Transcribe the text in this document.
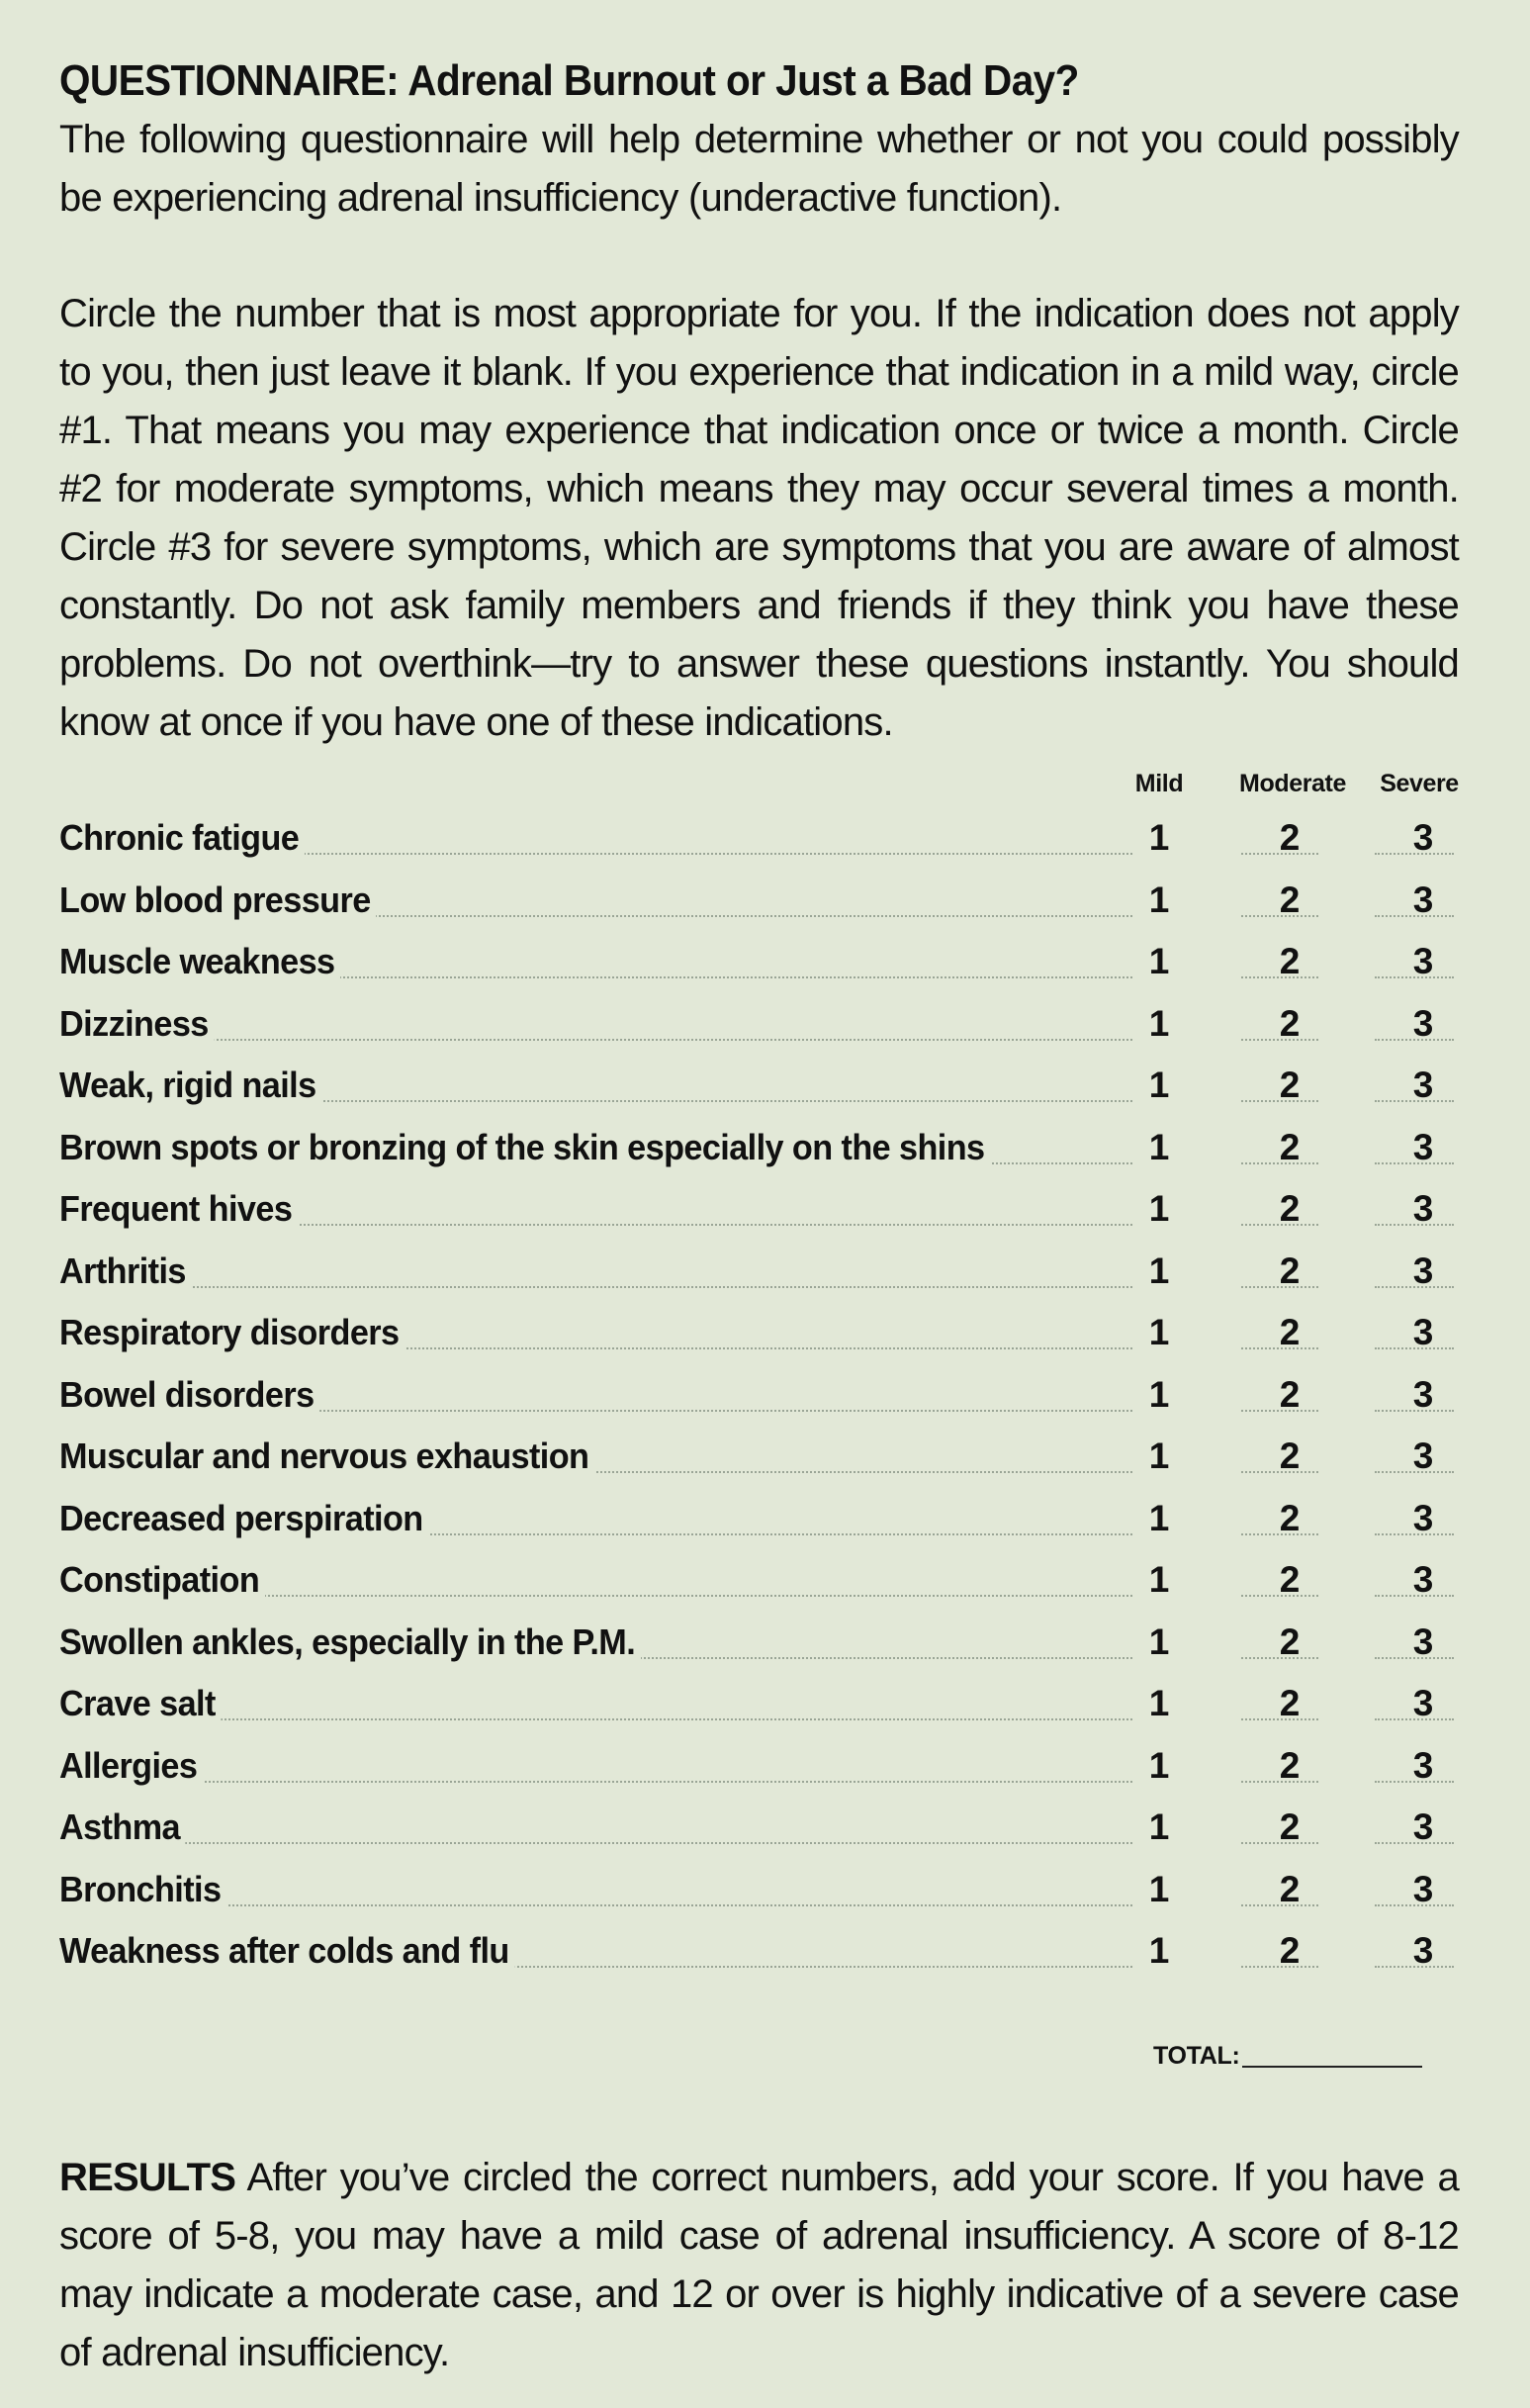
QUESTIONNAIRE: Adrenal Burnout or Just a Bad Day?

The following questionnaire will help determine whether or not you could possibly be experiencing adrenal insufficiency (underactive function).

Circle the number that is most appropriate for you. If the indication does not apply to you, then just leave it blank. If you experience that indication in a mild way, circle #1. That means you may experience that indication once or twice a month. Circle #2 for moderate symptoms, which means they may occur several times a month. Circle #3 for severe symptoms, which are symptoms that you are aware of almost constantly. Do not ask family members and friends if they think you have these problems. Do not overthink—try to answer these questions instantly. You should know at once if you have one of these indications.

Mild Moderate Severe
Chronic fatigue	1	2	3
Low blood pressure	1	2	3
Muscle weakness	1	2	3
Dizziness	1	2	3
Weak, rigid nails	1	2	3
Brown spots or bronzing of the skin especially on the shins	1	2	3
Frequent hives	1	2	3
Arthritis	1	2	3
Respiratory disorders	1	2	3
Bowel disorders	1	2	3
Muscular and nervous exhaustion	1	2	3
Decreased perspiration	1	2	3
Constipation	1	2	3
Swollen ankles, especially in the P.M.	1	2	3
Crave salt	1	2	3
Allergies	1	2	3
Asthma	1	2	3
Bronchitis	1	2	3
Weakness after colds and flu	1	2	3
TOTAL:

RESULTS After you’ve circled the correct numbers, add your score. If you have a score of 5-8, you may have a mild case of adrenal insufficiency. A score of 8-12 may indicate a moderate case, and 12 or over is highly indicative of a severe case of adrenal insufficiency.
